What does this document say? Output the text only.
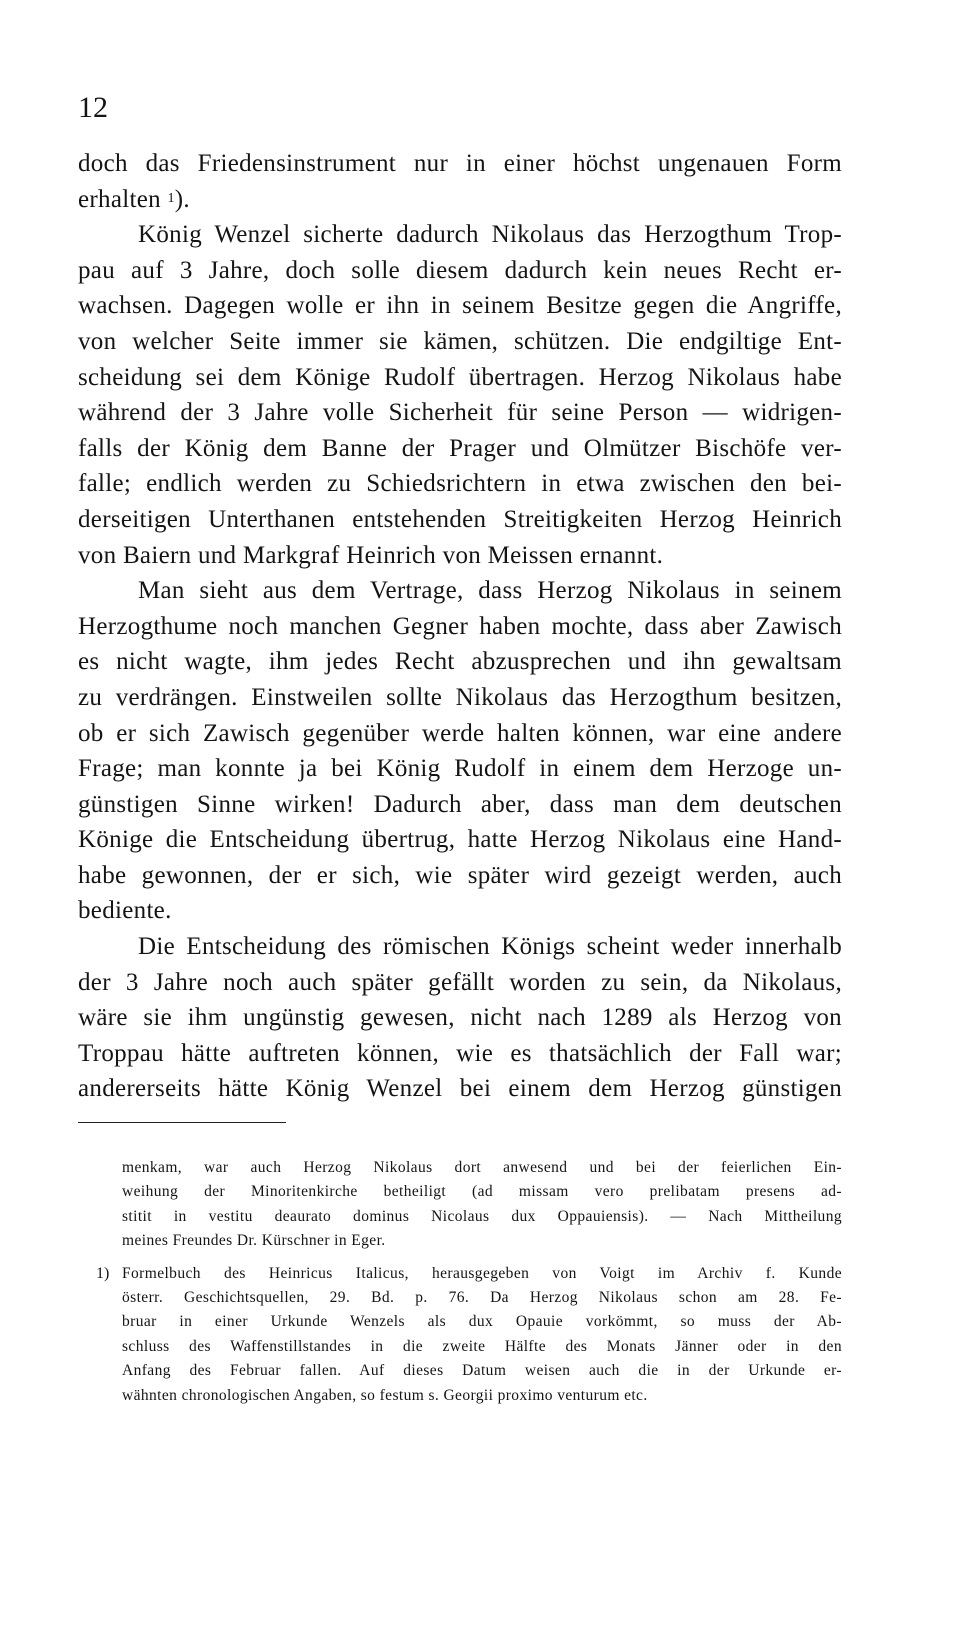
12
doch das Friedensinstrument nur in einer höchst ungenauen Form
erhalten $^1$).
König Wenzel sicherte dadurch Nikolaus das Herzogthum Trop-
pau auf 3 Jahre, doch solle diesem dadurch kein neues Recht er-
wachsen. Dagegen wolle er ihn in seinem Besitze gegen die Angriffe,
von welcher Seite immer sie kämen, schützen. Die endgiltige Ent-
scheidung sei dem Könige Rudolf übertragen. Herzog Nikolaus habe
während der 3 Jahre volle Sicherheit für seine Person — widrigen-
falls der König dem Banne der Prager und Olmützer Bischöfe ver-
falle; endlich werden zu Schiedsrichtern in etwa zwischen den bei-
derseitigen Unterthanen entstehenden Streitigkeiten Herzog Heinrich
von Baiern und Markgraf Heinrich von Meissen ernannt.
Man sieht aus dem Vertrage, dass Herzog Nikolaus in seinem
Herzogthume noch manchen Gegner haben mochte, dass aber Zawisch
es nicht wagte, ihm jedes Recht abzusprechen und ihn gewaltsam
zu verdrängen. Einstweilen sollte Nikolaus das Herzogthum besitzen,
ob er sich Zawisch gegenüber werde halten können, war eine andere
Frage; man konnte ja bei König Rudolf in einem dem Herzoge un-
günstigen Sinne wirken! Dadurch aber, dass man dem deutschen
Könige die Entscheidung übertrug, hatte Herzog Nikolaus eine Hand-
habe gewonnen, der er sich, wie später wird gezeigt werden, auch
bediente.
Die Entscheidung des römischen Königs scheint weder innerhalb
der 3 Jahre noch auch später gefällt worden zu sein, da Nikolaus,
wäre sie ihm ungünstig gewesen, nicht nach 1289 als Herzog von
Troppau hätte auftreten können, wie es thatsächlich der Fall war;
andererseits hätte König Wenzel bei einem dem Herzog günstigen
menkam, war auch Herzog Nikolaus dort anwesend und bei der feierlichen Ein-
weihung der Minoritenkirche betheiligt (ad missam vero prelibatam presens ad-
stitit in vestitu deaurato dominus Nicolaus dux Oppauiensis). — Nach Mittheilung
meines Freundes Dr. Kürschner in Eger.
1) Formelbuch des Heinricus Italicus, herausgegeben von Voigt im Archiv f. Kunde
österr. Geschichtsquellen, 29. Bd. p. 76. Da Herzog Nikolaus schon am 28. Fe-
bruar in einer Urkunde Wenzels als dux Opauie vorkömmt, so muss der Ab-
schluss des Waffenstillstandes in die zweite Hälfte des Monats Jänner oder in den
Anfang des Februar fallen. Auf dieses Datum weisen auch die in der Urkunde er-
wähnten chronologischen Angaben, so festum s. Georgii proximo venturum etc.
